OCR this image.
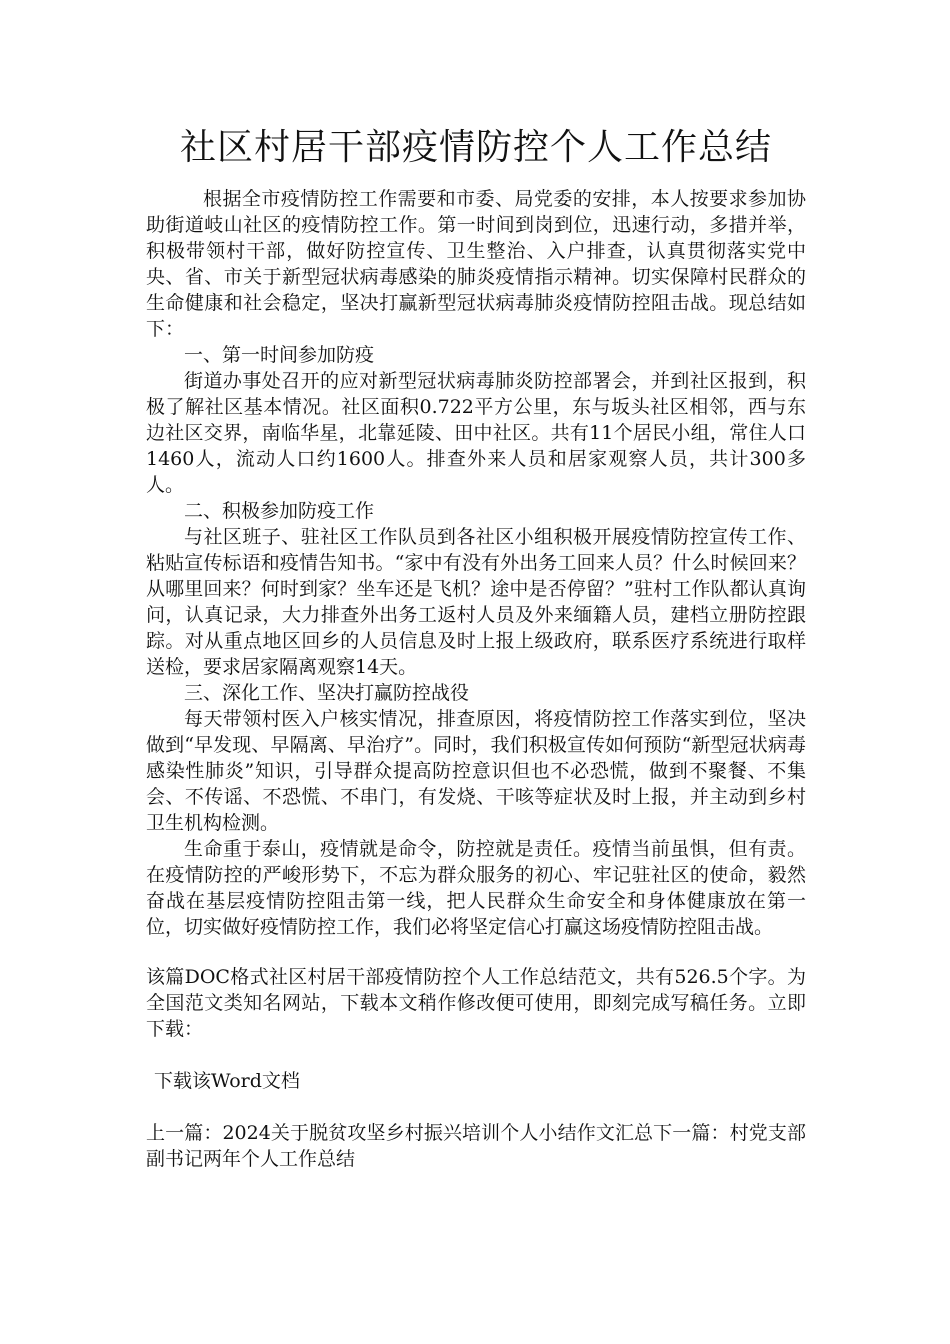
社区村居干部疫情防控个人工作总结

根据全市疫情防控工作需要和市委、局党委的安排，本人按要求参加协助街道岐山社区的疫情防控工作。第一时间到岗到位，迅速行动，多措并举，积极带领村干部，做好防控宣传、卫生整治、入户排查，认真贯彻落实党中央、省、市关于新型冠状病毒感染的肺炎疫情指示精神。切实保障村民群众的生命健康和社会稳定，坚决打赢新型冠状病毒肺炎疫情防控阻击战。现总结如下：

一、第一时间参加防疫

街道办事处召开的应对新型冠状病毒肺炎防控部署会，并到社区报到，积极了解社区基本情况。社区面积0.722平方公里，东与坂头社区相邻，西与东边社区交界，南临华星，北靠延陵、田中社区。共有11个居民小组，常住人口1460人，流动人口约1600人。排查外来人员和居家观察人员，共计300多人。

二、积极参加防疫工作

与社区班子、驻社区工作队员到各社区小组积极开展疫情防控宣传工作、粘贴宣传标语和疫情告知书。“家中有没有外出务工回来人员？什么时候回来？从哪里回来？何时到家？坐车还是飞机？途中是否停留？”驻村工作队都认真询问，认真记录，大力排查外出务工返村人员及外来缅籍人员，建档立册防控跟踪。对从重点地区回乡的人员信息及时上报上级政府，联系医疗系统进行取样送检，要求居家隔离观察14天。

三、深化工作、坚决打赢防控战役

每天带领村医入户核实情况，排查原因，将疫情防控工作落实到位，坚决做到“早发现、早隔离、早治疗”。同时，我们积极宣传如何预防“新型冠状病毒感染性肺炎”知识，引导群众提高防控意识但也不必恐慌，做到不聚餐、不集会、不传谣、不恐慌、不串门，有发烧、干咳等症状及时上报，并主动到乡村卫生机构检测。

生命重于泰山，疫情就是命令，防控就是责任。疫情当前虽惧，但有责。在疫情防控的严峻形势下，不忘为群众服务的初心、牢记驻社区的使命，毅然奋战在基层疫情防控阻击第一线，把人民群众生命安全和身体健康放在第一位，切实做好疫情防控工作，我们必将坚定信心打赢这场疫情防控阻击战。

该篇DOC格式社区村居干部疫情防控个人工作总结范文，共有526.5个字。为全国范文类知名网站，下载本文稍作修改便可使用，即刻完成写稿任务。立即下载：

下载该Word文档

上一篇：2024关于脱贫攻坚乡村振兴培训个人小结作文汇总下一篇：村党支部副书记两年个人工作总结
